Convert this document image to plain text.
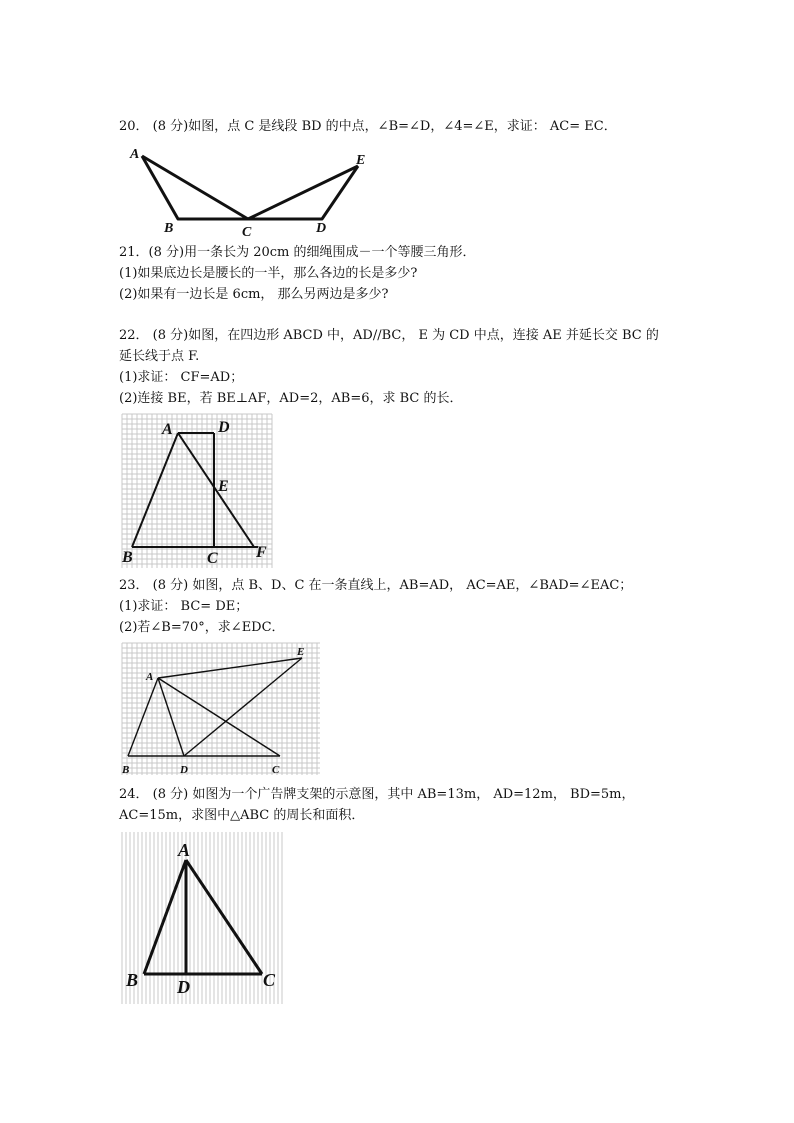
20． (8 分)如图，点 C 是线段 BD 的中点，∠B=∠D，∠4=∠E，求证： AC= EC．
A
B	C	D
E
21．(8 分)用一条长为 20cm 的细绳围成－一个等腰三角形．
(1)如果底边长是腰长的一半，那么各边的长是多少?
(2)如果有一边长是 6cm， 那么另两边是多少?
22． (8 分)如图，在四边形 ABCD 中，AD//BC， E 为 CD 中点，连接 AE 并延长交 BC 的
延长线于点 F.
(1)求证： CF=AD；
(2)连接 BE，若 BE⊥AF，AD=2，AB=6，求 BC 的长．
A	D
E
B	C F
23． (8 分) 如图，点 B、D、C 在一条直线上，AB=AD， AC=AE，∠BAD=∠EAC；
(1)求证： BC= DE；
(2)若∠B=70°，求∠EDC．
A
B	D	C
E
24． (8 分) 如图为一个广告牌支架的示意图，其中 AB=13m， AD=12m， BD=5m，
AC=15m，求图中△ABC 的周长和面积．
A
B D	C
